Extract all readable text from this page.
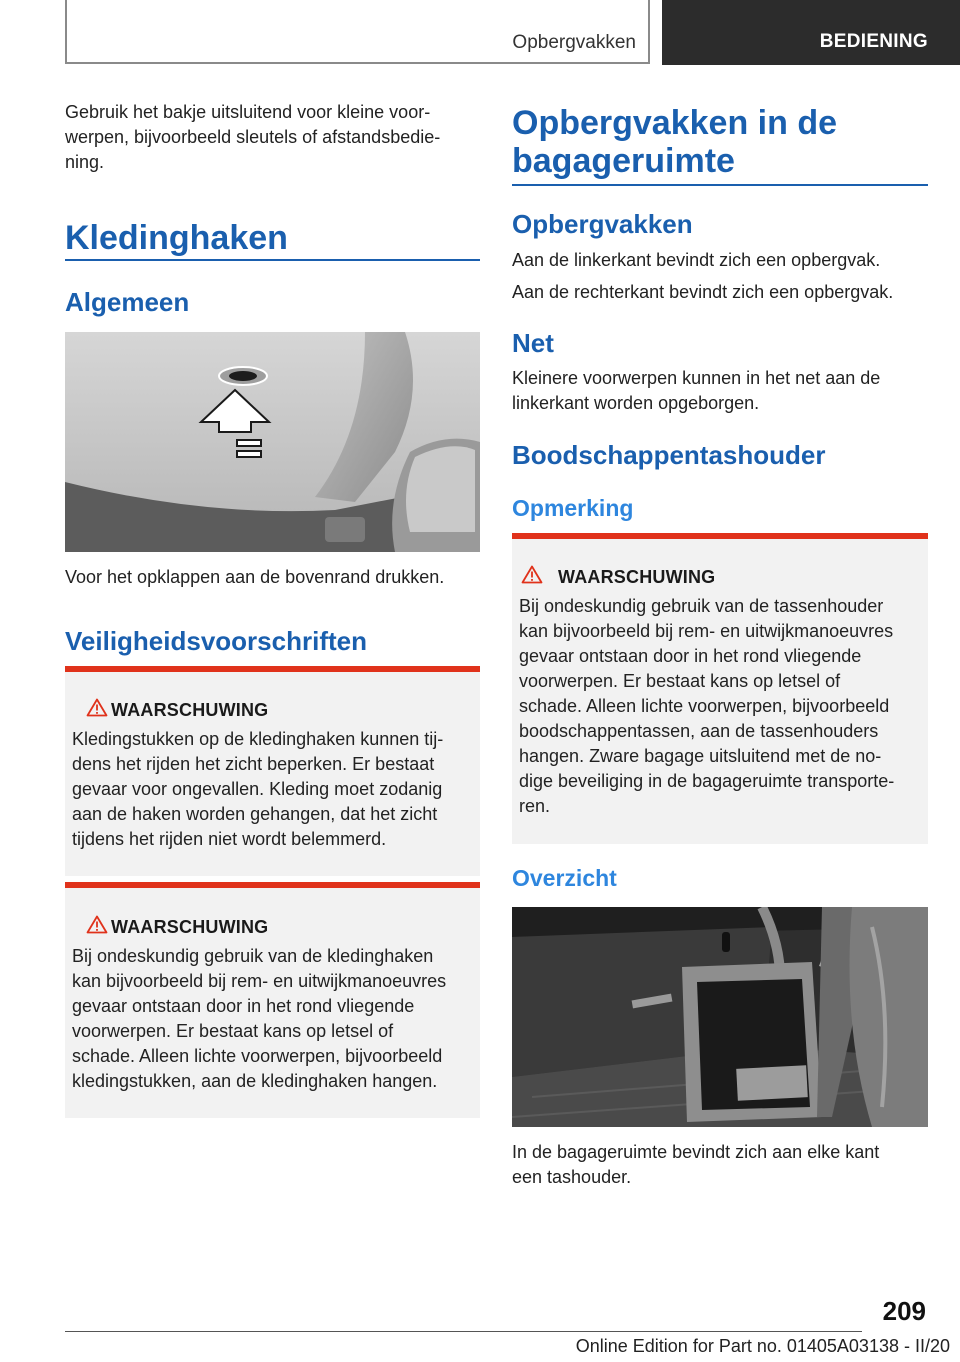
Opbergvakken	BEDIENING

Gebruik het bakje uitsluitend voor kleine voor-

werpen, bijvoorbeeld sleutels of afstandsbedie-

ning.

Kledinghaken
Algemeen

Voor het opklappen aan de bovenrand drukken.

Veiligheidsvoorschriften
WAARSCHUWING

Kledingstukken op de kledinghaken kunnen tij-

dens het rijden het zicht beperken. Er bestaat

gevaar voor ongevallen. Kleding moet zodanig

aan de haken worden gehangen, dat het zicht

tijdens het rijden niet wordt belemmerd.

WAARSCHUWING

Bij ondeskundig gebruik van de kledinghaken

kan bijvoorbeeld bij rem- en uitwijkmanoeuvres

gevaar ontstaan door in het rond vliegende

voorwerpen. Er bestaat kans op letsel of

schade. Alleen lichte voorwerpen, bijvoorbeeld

kledingstukken, aan de kledinghaken hangen.

Opbergvakken in de
bagageruimte
Opbergvakken

Aan de linkerkant bevindt zich een opbergvak.

Aan de rechterkant bevindt zich een opbergvak.

Net

Kleinere voorwerpen kunnen in het net aan de

linkerkant worden opgeborgen.

Boodschappentashouder
Opmerking
WAARSCHUWING

Bij ondeskundig gebruik van de tassenhouder

kan bijvoorbeeld bij rem- en uitwijkmanoeuvres

gevaar ontstaan door in het rond vliegende

voorwerpen. Er bestaat kans op letsel of

schade. Alleen lichte voorwerpen, bijvoorbeeld

boodschappentassen, aan de tassenhouders

hangen. Zware bagage uitsluitend met de no-

dige beveiliging in de bagageruimte transporte-

ren.

Overzicht

In de bagageruimte bevindt zich aan elke kant

een tashouder.

209
Online Edition for Part no. 01405A03138 - II/20
